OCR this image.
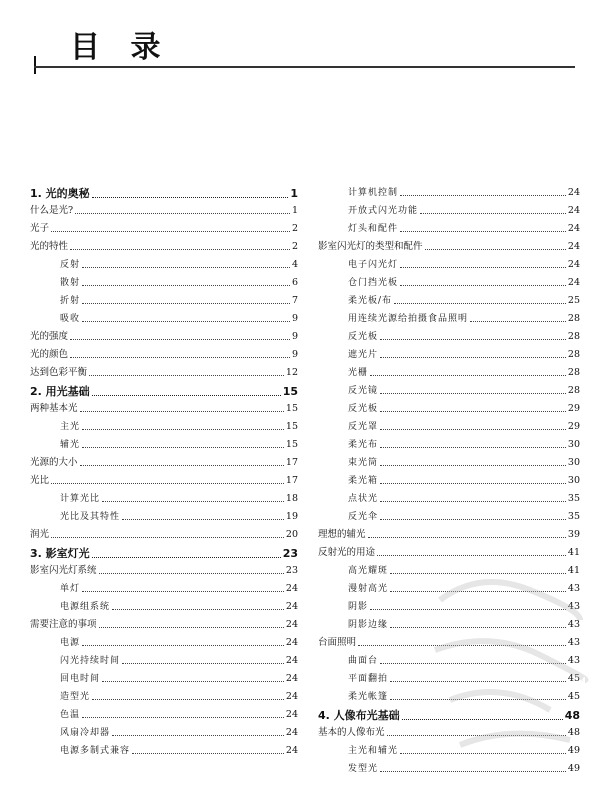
目 录
1. 光的奥秘	1
什么是光?	1
光子	2
光的特性	2
反射	4
散射	6
折射	7
吸收	9
光的强度	9
光的颜色	9
达到色彩平衡	12
2. 用光基础	15
两种基本光	15
主光	15
辅光	15
光源的大小	17
光比	17
计算光比	18
光比及其特性	19
润光	20
3. 影室灯光	23
影室闪光灯系统	23
单灯	24
电源组系统	24
需要注意的事项	24
电源	24
闪光持续时间	24
回电时间	24
造型光	24
色温	24
风扇冷却器	24
电源多制式兼容	24
计算机控制	24
开放式闪光功能	24
灯头和配件	24
影室闪光灯的类型和配件	24
电子闪光灯	24
仓门挡光板	24
柔光板/布	25
用连续光源给拍摄食品照明	28
反光板	28
遮光片	28
光栅	28
反光镜	28
反光板	29
反光罩	29
柔光布	30
束光筒	30
柔光箱	30
点状光	35
反光伞	35
理想的辅光	39
反射光的用途	41
高光耀斑	41
漫射高光	43
阴影	43
阴影边缘	43
台面照明	43
曲面台	43
平面翻拍	45
柔光帐篷	45
4. 人像布光基础	48
基本的人像布光	48
主光和辅光	49
发型光	49
